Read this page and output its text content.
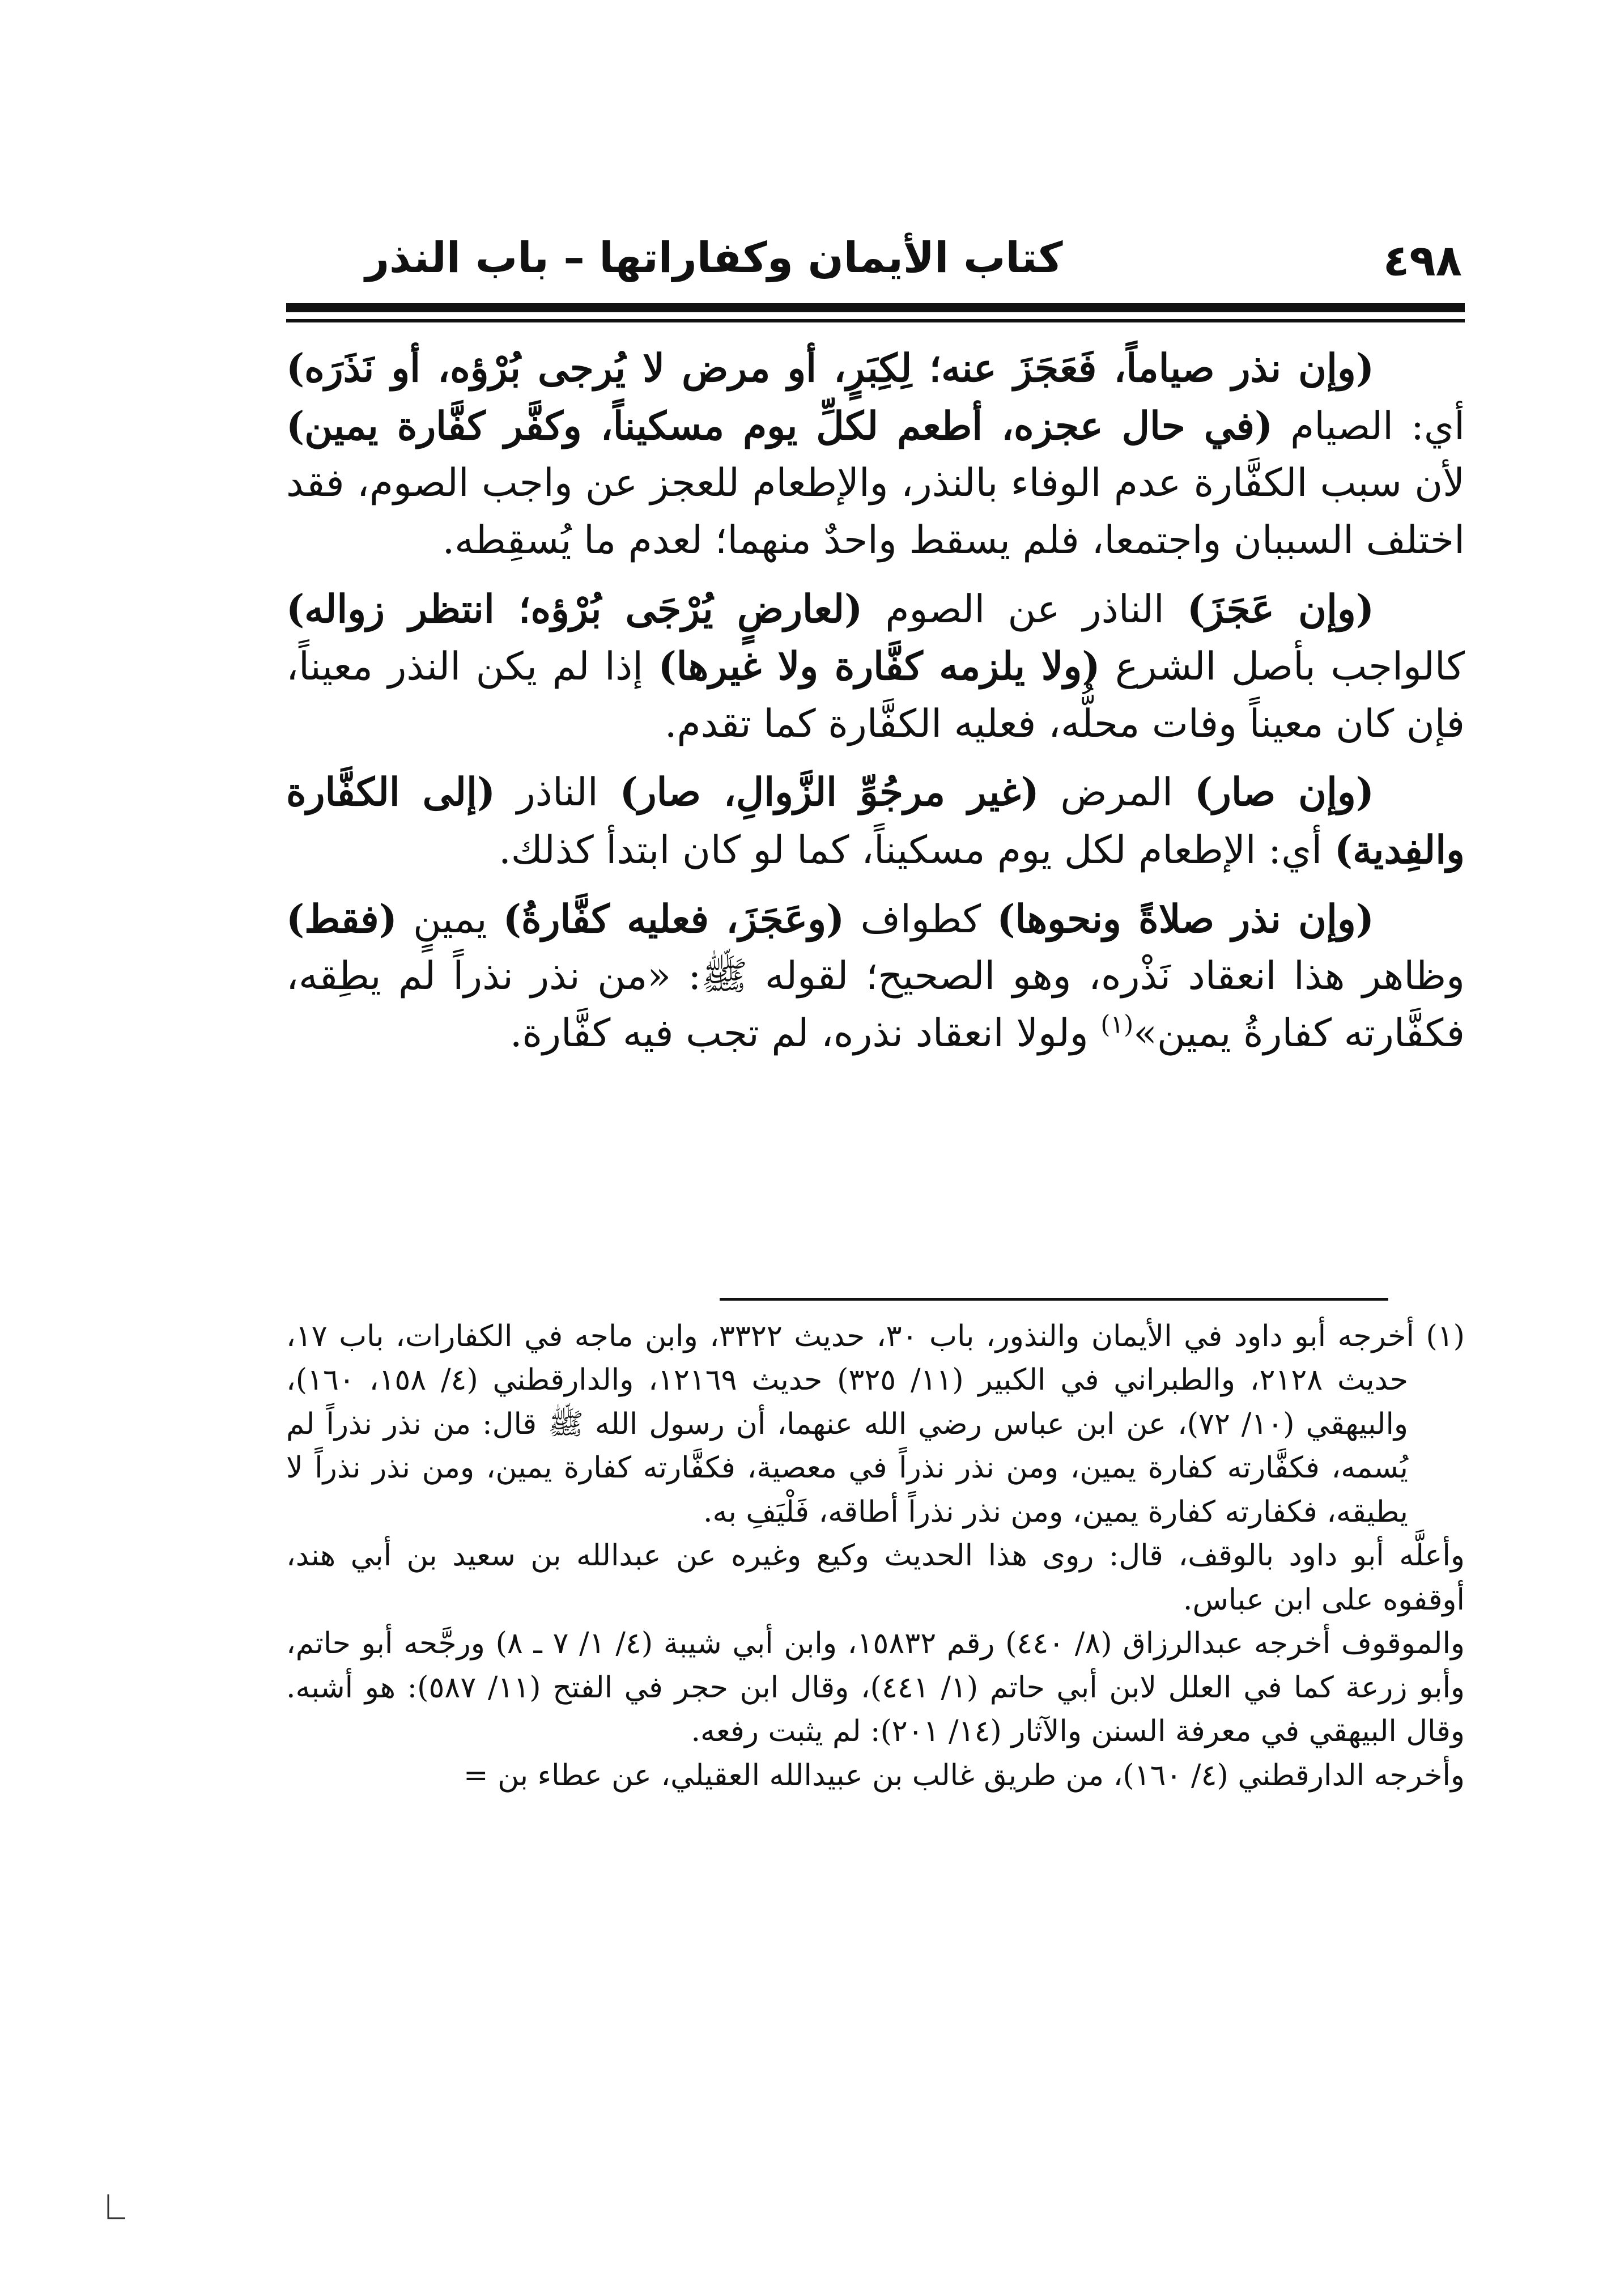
٤٩٨
كتاب الأيمان وكفاراتها – باب النذر

(وإن نذر صياماً، فَعَجَزَ عنه؛ لِكِبَرٍ، أو مرض لا يُرجى بُرْؤه، أو نَذَرَه) أي: الصيام (في حال عجزه، أطعم لكلِّ يوم مسكيناً، وكفَّر كفَّارة يمين) لأن سبب الكفَّارة عدم الوفاء بالنذر، والإطعام للعجز عن واجب الصوم، فقد اختلف السببان واجتمعا، فلم يسقط واحدٌ منهما؛ لعدم ما يُسقِطه.

(وإن عَجَزَ) الناذر عن الصوم (لعارضٍ يُرْجَى بُرْؤه؛ انتظر زواله) كالواجب بأصل الشرع (ولا يلزمه كفَّارة ولا غيرها) إذا لم يكن النذر معيناً، فإن كان معيناً وفات محلُّه، فعليه الكفَّارة كما تقدم.

(وإن صار) المرض (غير مرجُوِّ الزَّوالِ، صار) الناذر (إلى الكفَّارة والفِدية) أي: الإطعام لكل يوم مسكيناً، كما لو كان ابتدأ كذلك.

(وإن نذر صلاةً ونحوها) كطواف (وعَجَزَ، فعليه كفَّارةُ) يمينٍ (فقط) وظاهر هذا انعقاد نَذْره، وهو الصحيح؛ لقوله ﷺ: «من نذر نذراً لم يطِقه، فكفَّارته كفارةُ يمين»$^{(١)}$ ولولا انعقاد نذره، لم تجب فيه كفَّارة.

(١) أخرجه أبو داود في الأيمان والنذور، باب ٣٠، حديث ٣٣٢٢، وابن ماجه في الكفارات، باب ١٧، حديث ٢١٢٨، والطبراني في الكبير (١١/ ٣٢٥) حديث ١٢١٦٩، والدارقطني (٤/ ١٥٨، ١٦٠)، والبيهقي (١٠/ ٧٢)، عن ابن عباس رضي الله عنهما، أن رسول الله ﷺ قال: من نذر نذراً لم يُسمه، فكفَّارته كفارة يمين، ومن نذر نذراً في معصية، فكفَّارته كفارة يمين، ومن نذر نذراً لا يطيقه، فكفارته كفارة يمين، ومن نذر نذراً أطاقه، فَلْيَفِ به.

وأعلَّه أبو داود بالوقف، قال: روى هذا الحديث وكيع وغيره عن عبدالله بن سعيد بن أبي هند، أوقفوه على ابن عباس.

والموقوف أخرجه عبدالرزاق (٨/ ٤٤٠) رقم ١٥٨٣٢، وابن أبي شيبة (٤/ ١/ ٧ ـ ٨) ورجَّحه أبو حاتم، وأبو زرعة كما في العلل لابن أبي حاتم (١/ ٤٤١)، وقال ابن حجر في الفتح (١١/ ٥٨٧): هو أشبه. وقال البيهقي في معرفة السنن والآثار (١٤/ ٢٠١): لم يثبت رفعه.

وأخرجه الدارقطني (٤/ ١٦٠)، من طريق غالب بن عبيدالله العقيلي، عن عطاء بن =
